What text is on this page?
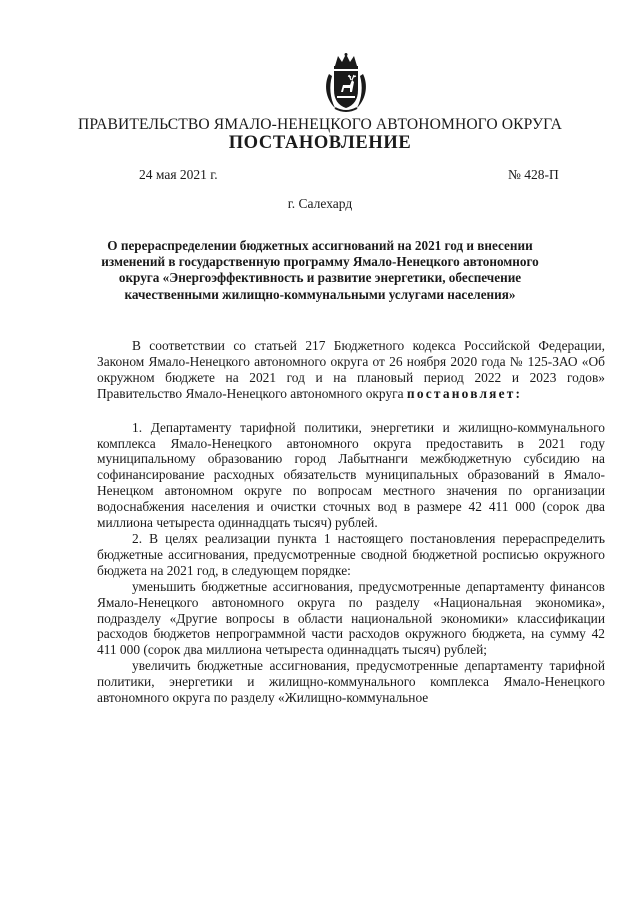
ПРАВИТЕЛЬСТВО ЯМАЛО-НЕНЕЦКОГО АВТОНОМНОГО ОКРУГА
ПОСТАНОВЛЕНИЕ
24 мая 2021 г.	№ 428-П
г. Салехард
О перераспределении бюджетных ассигнований на 2021 год и внесении изменений в государственную программу Ямало-Ненецкого автономного округа «Энергоэффективность и развитие энергетики, обеспечение качественными жилищно-коммунальными услугами населения»

В соответствии со статьей 217 Бюджетного кодекса Российской Федерации, Законом Ямало-Ненецкого автономного округа от 26 ноября 2020 года № 125-ЗАО «Об окружном бюджете на 2021 год и на плановый период 2022 и 2023 годов» Правительство Ямало-Ненецкого автономного округа постановляет:

1. Департаменту тарифной политики, энергетики и жилищно-коммунального комплекса Ямало-Ненецкого автономного округа предоставить в 2021 году муниципальному образованию город Лабытнанги межбюджетную субсидию на софинансирование расходных обязательств муниципальных образований в Ямало-Ненецком автономном округе по вопросам местного значения по организации водоснабжения населения и очистки сточных вод в размере 42 411 000 (сорок два миллиона четыреста одиннадцать тысяч) рублей.

2. В целях реализации пункта 1 настоящего постановления перераспределить бюджетные ассигнования, предусмотренные сводной бюджетной росписью окружного бюджета на 2021 год, в следующем порядке:

уменьшить бюджетные ассигнования, предусмотренные департаменту финансов Ямало-Ненецкого автономного округа по разделу «Национальная экономика», подразделу «Другие вопросы в области национальной экономики» классификации расходов бюджетов непрограммной части расходов окружного бюджета, на сумму 42 411 000 (сорок два миллиона четыреста одиннадцать тысяч) рублей;

увеличить бюджетные ассигнования, предусмотренные департаменту тарифной политики, энергетики и жилищно-коммунального комплекса Ямало-Ненецкого автономного округа по разделу «Жилищно-коммунальное
